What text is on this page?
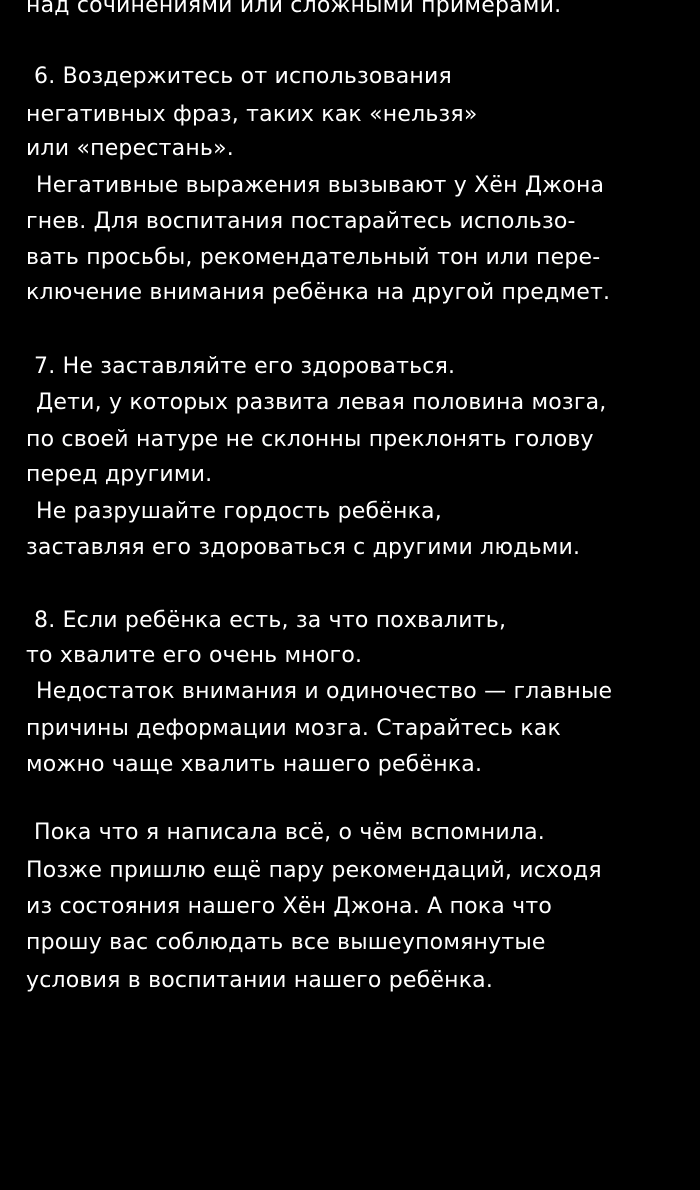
над сочинениями или сложными примерами.
6. Воздержитесь от использования
негативных фраз, таких как «нельзя»
или «перестань».
Негативные выражения вызывают у Хён Джона
гнев. Для воспитания постарайтесь использо-
вать просьбы, рекомендательный тон или пере-
ключение внимания ребёнка на другой предмет.
7. Не заставляйте его здороваться.
Дети, у которых развита левая половина мозга,
по своей натуре не склонны преклонять голову
перед другими.
Не разрушайте гордость ребёнка,
заставляя его здороваться с другими людьми.
8. Если ребёнка есть, за что похвалить,
то хвалите его очень много.
Недостаток внимания и одиночество — главные
причины деформации мозга. Старайтесь как
можно чаще хвалить нашего ребёнка.
Пока что я написала всё, о чём вспомнила.
Позже пришлю ещё пару рекомендаций, исходя
из состояния нашего Хён Джона. А пока что
прошу вас соблюдать все вышеупомянутые
условия в воспитании нашего ребёнка.
